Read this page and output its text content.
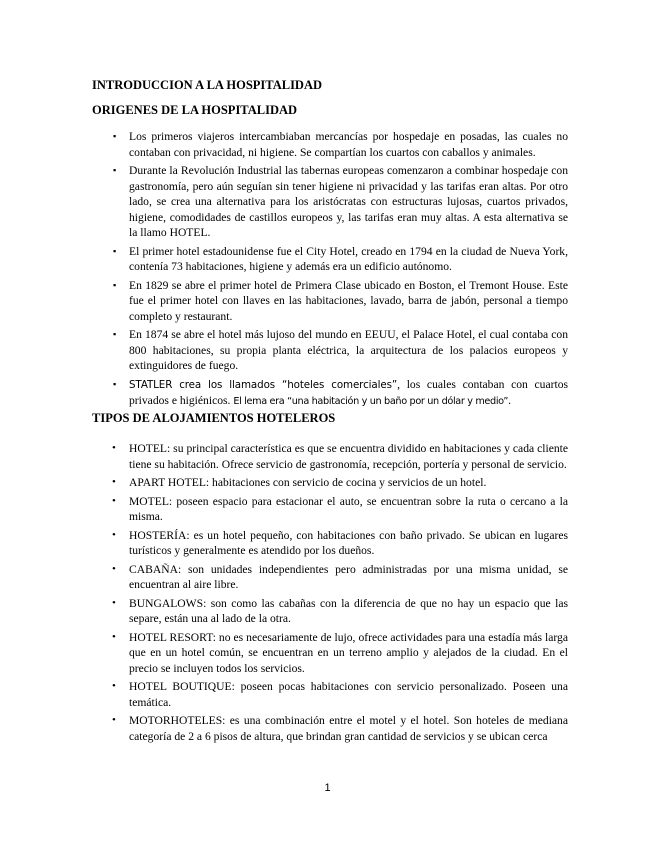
INTRODUCCION A LA HOSPITALIDAD
ORIGENES DE LA HOSPITALIDAD
▪ Los primeros viajeros intercambiaban mercancías por hospedaje en posadas, las cuales no contaban con privacidad, ni higiene. Se compartían los cuartos con caballos y animales.
▪ Durante la Revolución Industrial las tabernas europeas comenzaron a combinar hospedaje con gastronomía, pero aún seguían sin tener higiene ni privacidad y las tarifas eran altas. Por otro lado, se crea una alternativa para los aristócratas con estructuras lujosas, cuartos privados, higiene, comodidades de castillos europeos y, las tarifas eran muy altas. A esta alternativa se la llamo HOTEL.
▪ El primer hotel estadounidense fue el City Hotel, creado en 1794 en la ciudad de Nueva York, contenía 73 habitaciones, higiene y además era un edificio autónomo.
▪ En 1829 se abre el primer hotel de Primera Clase ubicado en Boston, el Tremont House. Este fue el primer hotel con llaves en las habitaciones, lavado, barra de jabón, personal a tiempo completo y restaurant.
▪ En 1874 se abre el hotel más lujoso del mundo en EEUU, el Palace Hotel, el cual contaba con 800 habitaciones, su propia planta eléctrica, la arquitectura de los palacios europeos y extinguidores de fuego.
▪ STATLER crea los llamados “hoteles comerciales”, los cuales contaban con cuartos privados e higiénicos. El lema era “una habitación y un baño por un dólar y medio”.
TIPOS DE ALOJAMIENTOS HOTELEROS
• HOTEL: su principal característica es que se encuentra dividido en habitaciones y cada cliente tiene su habitación. Ofrece servicio de gastronomía, recepción, portería y personal de servicio.
• APART HOTEL: habitaciones con servicio de cocina y servicios de un hotel.
• MOTEL: poseen espacio para estacionar el auto, se encuentran sobre la ruta o cercano a la misma.
• HOSTERÍA: es un hotel pequeño, con habitaciones con baño privado. Se ubican en lugares turísticos y generalmente es atendido por los dueños.
• CABAÑA: son unidades independientes pero administradas por una misma unidad, se encuentran al aire libre.
• BUNGALOWS: son como las cabañas con la diferencia de que no hay un espacio que las separe, están una al lado de la otra.
• HOTEL RESORT: no es necesariamente de lujo, ofrece actividades para una estadía más larga que en un hotel común, se encuentran en un terreno amplio y alejados de la ciudad. En el precio se incluyen todos los servicios.
• HOTEL BOUTIQUE: poseen pocas habitaciones con servicio personalizado. Poseen una temática.
• MOTORHOTELES: es una combinación entre el motel y el hotel. Son hoteles de mediana categoría de 2 a 6 pisos de altura, que brindan gran cantidad de servicios y se ubican cerca

1
